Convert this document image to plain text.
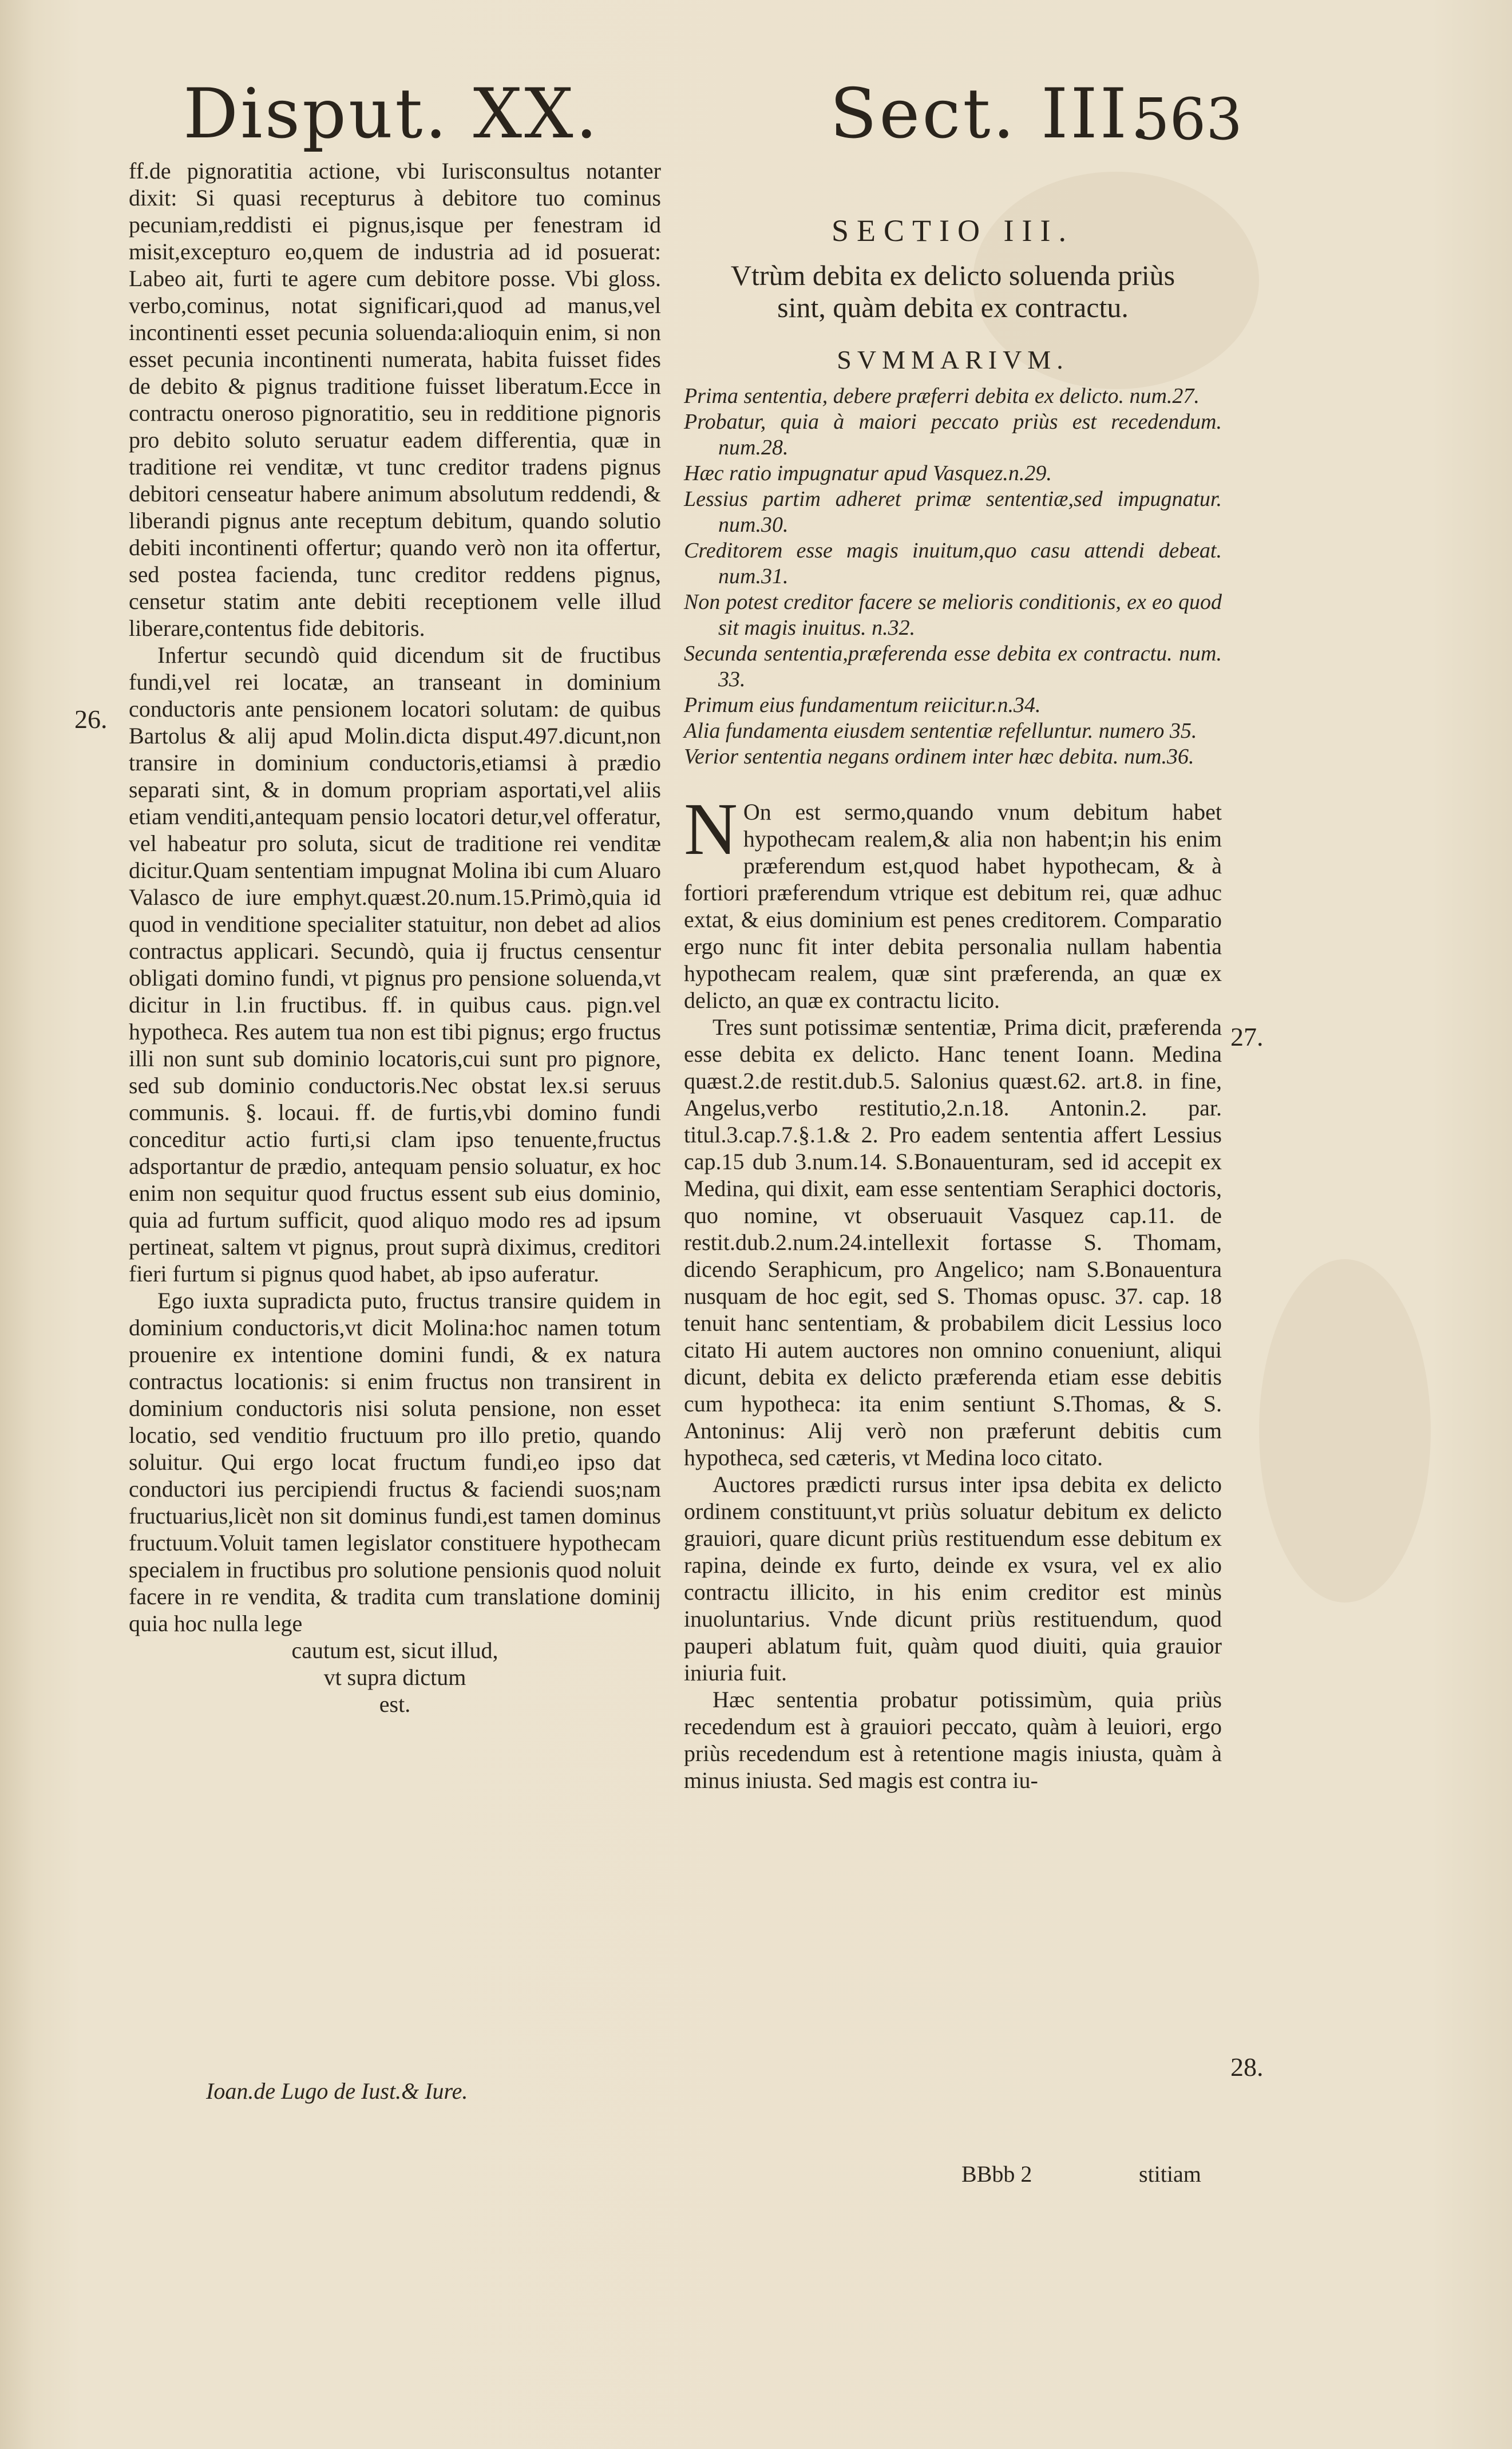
Disput. XX.	Sect. III.
563

ff.de pignoratitia actione, vbi Iurisconsultus notanter dixit: Si quasi recepturus à debitore tuo cominus pecuniam,reddisti ei pignus,isque per fenestram id misit,excepturo eo,quem de industria ad id posuerat: Labeo ait, furti te agere cum debitore posse. Vbi gloss. verbo,cominus, notat significari,quod ad manus,vel incontinenti esset pecunia soluenda:alioquin enim, si non esset pecunia incontinenti numerata, habita fuisset fides de debito & pignus traditione fuisset liberatum.Ecce in contractu oneroso pignoratitio, seu in redditione pignoris pro debito soluto seruatur eadem differentia, quæ in traditione rei venditæ, vt tunc creditor tradens pignus debitori censeatur habere animum absolutum reddendi, & liberandi pignus ante receptum debitum, quando solutio debiti incontinenti offertur; quando verò non ita offertur, sed postea facienda, tunc creditor reddens pignus, censetur statim ante debiti receptionem velle illud liberare,contentus fide debitoris.

Infertur secundò quid dicendum sit de fructibus fundi,vel rei locatæ, an transeant in dominium conductoris ante pensionem locatori solutam: de quibus Bartolus & alij apud Molin.dicta disput.497.dicunt,non transire in dominium conductoris,etiamsi à prædio separati sint, & in domum propriam asportati,vel aliis etiam venditi,antequam pensio locatori detur,vel offeratur, vel habeatur pro soluta, sicut de traditione rei venditæ dicitur.Quam sententiam impugnat Molina ibi cum Aluaro Valasco de iure emphyt.quæst.20.num.15.Primò,quia id quod in venditione specialiter statuitur, non debet ad alios contractus applicari. Secundò, quia ij fructus censentur obligati domino fundi, vt pignus pro pensione soluenda,vt dicitur in l.in fructibus. ff. in quibus caus. pign.vel hypotheca. Res autem tua non est tibi pignus; ergo fructus illi non sunt sub dominio locatoris,cui sunt pro pignore, sed sub dominio conductoris.Nec obstat lex.si seruus communis. §. locaui. ff. de furtis,vbi domino fundi conceditur actio furti,si clam ipso tenuente,fructus adsportantur de prædio, antequam pensio soluatur, ex hoc enim non sequitur quod fructus essent sub eius dominio, quia ad furtum sufficit, quod aliquo modo res ad ipsum pertineat, saltem vt pignus, prout suprà diximus, creditori fieri furtum si pignus quod habet, ab ipso auferatur.

Ego iuxta supradicta puto, fructus transire quidem in dominium conductoris,vt dicit Molina:hoc namen totum prouenire ex intentione domini fundi, & ex natura contractus locationis: si enim fructus non transirent in dominium conductoris nisi soluta pensione, non esset locatio, sed venditio fructuum pro illo pretio, quando soluitur. Qui ergo locat fructum fundi,eo ipso dat conductori ius percipiendi fructus & faciendi suos;nam fructuarius,licèt non sit dominus fundi,est tamen dominus fructuum.Voluit tamen legislator constituere hypothecam specialem in fructibus pro solutione pensionis quod noluit facere in re vendita, & tradita cum translatione dominij quia hoc nulla lege

cautum est, sicut illud,
vt supra dictum
est.
26.
Ioan.de Lugo de Iust.& Iure.
SECTIO III.
Vtrùm debita ex delicto soluenda priùs sint, quàm debita ex contractu.
SVMMARIVM.

Prima sententia, debere præferri debita ex delicto. num.27.

Probatur, quia à maiori peccato priùs est recedendum. num.28.

Hæc ratio impugnatur apud Vasquez.n.29.

Lessius partim adheret primæ sententiæ,sed impugnatur. num.30.

Creditorem esse magis inuitum,quo casu attendi debeat. num.31.

Non potest creditor facere se melioris conditionis, ex eo quod sit magis inuitus. n.32.

Secunda sententia,præferenda esse debita ex contractu. num. 33.

Primum eius fundamentum reiicitur.n.34.

Alia fundamenta eiusdem sententiæ refelluntur. numero 35.

Verior sententia negans ordinem inter hæc debita. num.36.

N On est sermo,quando vnum debitum habet hypothecam realem,& alia non habent;in his enim præferendum est,quod habet hypothecam, & à fortiori præferendum vtrique est debitum rei, quæ adhuc extat, & eius dominium est penes creditorem. Comparatio ergo nunc fit inter debita personalia nullam habentia hypothecam realem, quæ sint præferenda, an quæ ex delicto, an quæ ex contractu licito.

Tres sunt potissimæ sententiæ, Prima dicit, præferenda esse debita ex delicto. Hanc tenent Ioann. Medina quæst.2.de restit.dub.5. Salonius quæst.62. art.8. in fine, Angelus,verbo restitutio,2.n.18. Antonin.2. par. titul.3.cap.7.§.1.& 2. Pro eadem sententia affert Lessius cap.15 dub 3.num.14. S.Bonauenturam, sed id accepit ex Medina, qui dixit, eam esse sententiam Seraphici doctoris, quo nomine, vt obseruauit Vasquez cap.11. de restit.dub.2.num.24.intellexit fortasse S. Thomam, dicendo Seraphicum, pro Angelico; nam S.Bonauentura nusquam de hoc egit, sed S. Thomas opusc. 37. cap. 18 tenuit hanc sententiam, & probabilem dicit Lessius loco citato Hi autem auctores non omnino conueniunt, aliqui dicunt, debita ex delicto præferenda etiam esse debitis cum hypotheca: ita enim sentiunt S.Thomas, & S. Antoninus: Alij verò non præferunt debitis cum hypotheca, sed cæteris, vt Medina loco citato.

Auctores prædicti rursus inter ipsa debita ex delicto ordinem constituunt,vt priùs soluatur debitum ex delicto grauiori, quare dicunt priùs restituendum esse debitum ex rapina, deinde ex furto, deinde ex vsura, vel ex alio contractu illicito, in his enim creditor est minùs inuoluntarius. Vnde dicunt priùs restituendum, quod pauperi ablatum fuit, quàm quod diuiti, quia grauior iniuria fuit.

Hæc sententia probatur potissimùm, quia priùs recedendum est à grauiori peccato, quàm à leuiori, ergo priùs recedendum est à retentione magis iniusta, quàm à minus iniusta. Sed magis est contra iu-

27.
28.
BBbb 2	stitiam
